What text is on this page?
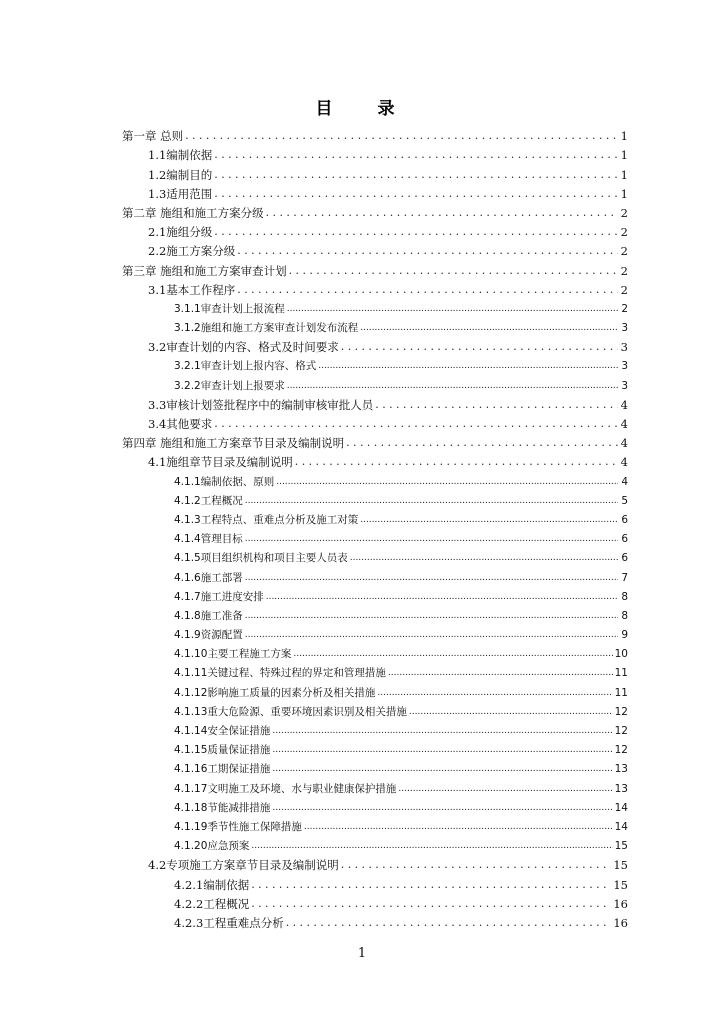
目　录
第一章 总则 .....	1
1.1编制依据 .....	1
1.2编制目的 .....	1
1.3适用范围 .....	1
第二章 施组和施工方案分级 .....	2
2.1施组分级 .....	2
2.2施工方案分级 .....	2
第三章 施组和施工方案审查计划 .....	2
3.1基本工作程序 .....	2
3.1.1审查计划上报流程 .....	2
3.1.2施组和施工方案审查计划发布流程 .....	3
3.2审查计划的内容、格式及时间要求 .....	3
3.2.1审查计划上报内容、格式 .....	3
3.2.2审查计划上报要求 .....	3
3.3审核计划签批程序中的编制审核审批人员 .....	4
3.4其他要求 .....	4
第四章 施组和施工方案章节目录及编制说明 .....	4
4.1施组章节目录及编制说明 .....	4
4.1.1编制依据、原则 .....	4
4.1.2工程概况 .....	5
4.1.3工程特点、重难点分析及施工对策 .....	6
4.1.4管理目标 .....	6
4.1.5项目组织机构和项目主要人员表 .....	6
4.1.6施工部署 .....	7
4.1.7施工进度安排 .....	8
4.1.8施工准备 .....	8
4.1.9资源配置 .....	9
4.1.10主要工程施工方案 .....	10
4.1.11关键过程、特殊过程的界定和管理措施 .....	11
4.1.12影响施工质量的因素分析及相关措施 .....	11
4.1.13重大危险源、重要环境因素识别及相关措施 .....	12
4.1.14安全保证措施 .....	12
4.1.15质量保证措施 .....	12
4.1.16工期保证措施 .....	13
4.1.17文明施工及环境、水与职业健康保护措施 .....	13
4.1.18节能减排措施 .....	14
4.1.19季节性施工保障措施 .....	14
4.1.20应急预案 .....	15
4.2专项施工方案章节目录及编制说明 .....	15
4.2.1编制依据 .....	15
4.2.2工程概况 .....	16
4.2.3工程重难点分析 .....	16
1
